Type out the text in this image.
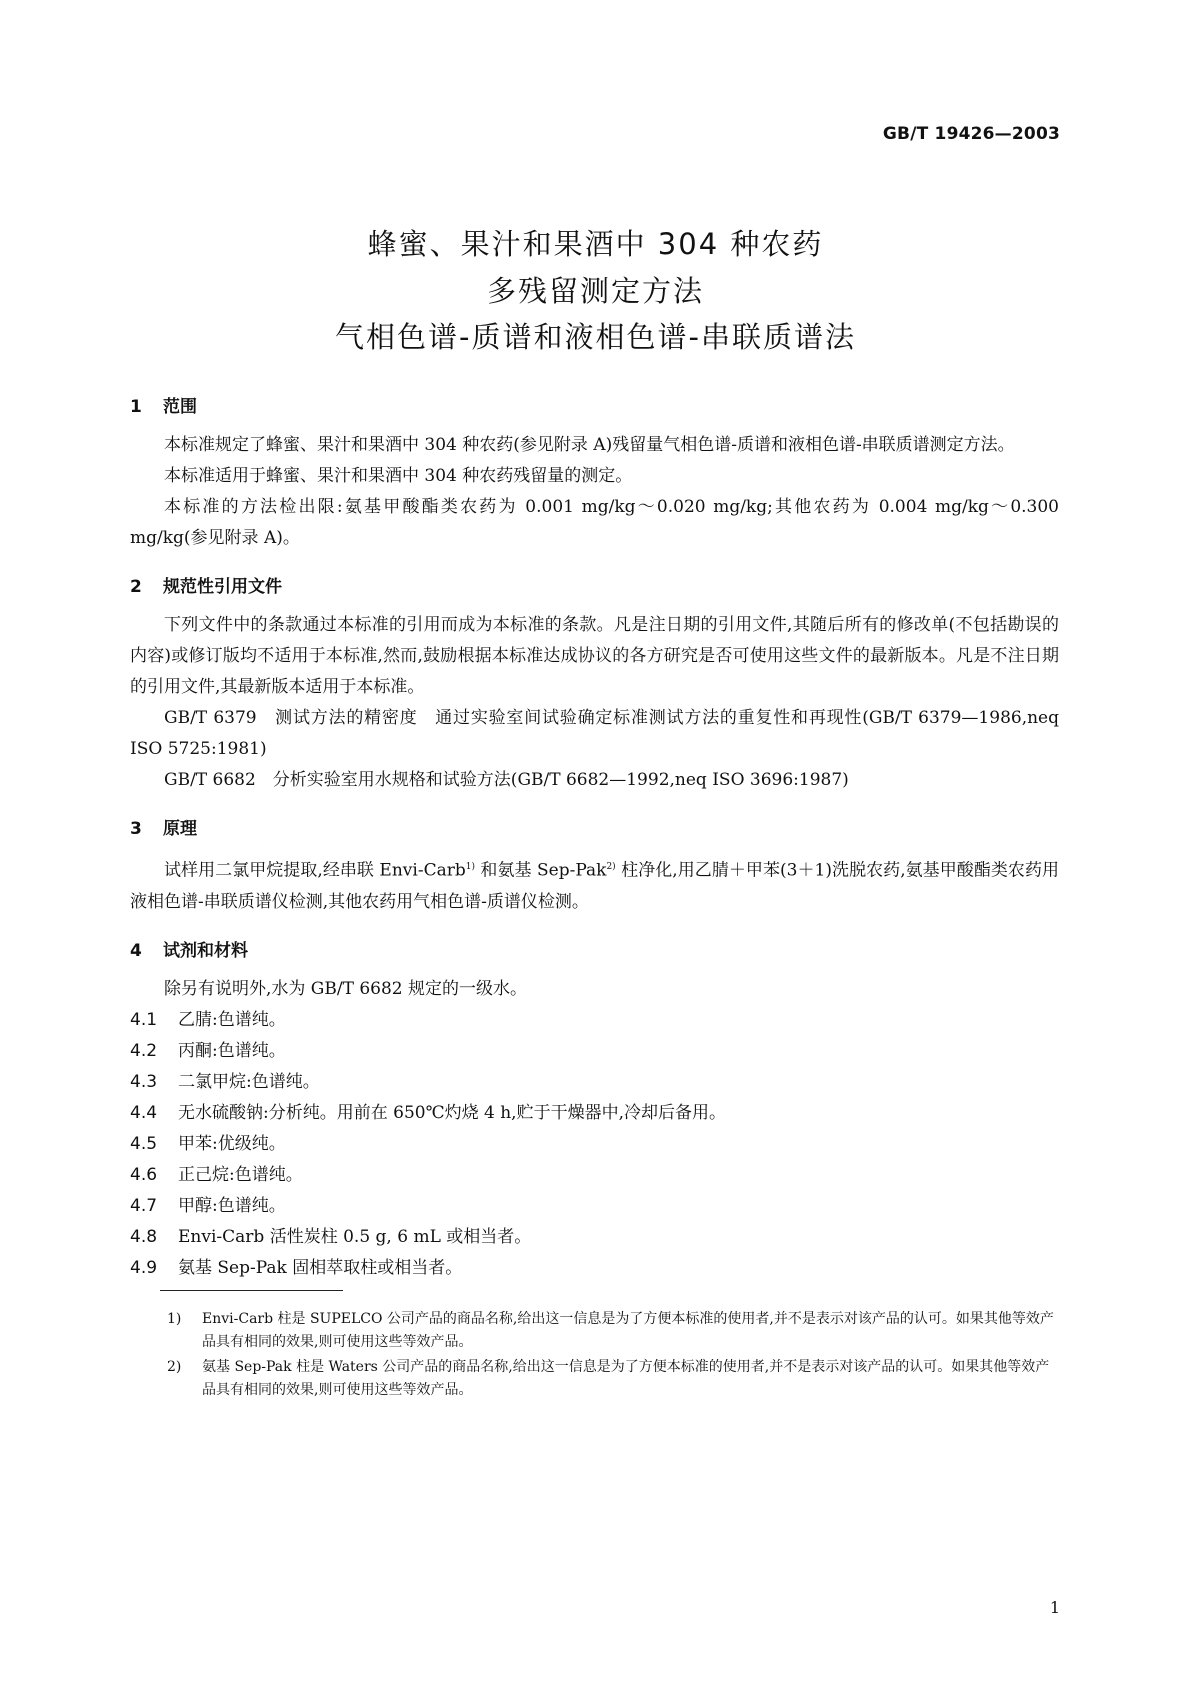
GB/T 19426—2003
蜂蜜、果汁和果酒中 304 种农药
多残留测定方法
气相色谱-质谱和液相色谱-串联质谱法
1 范围

本标准规定了蜂蜜、果汁和果酒中 304 种农药(参见附录 A)残留量气相色谱-质谱和液相色谱-串联质谱测定方法。

本标准适用于蜂蜜、果汁和果酒中 304 种农药残留量的测定。

本标准的方法检出限:氨基甲酸酯类农药为 0.001 mg/kg～0.020 mg/kg;其他农药为 0.004 mg/kg～0.300 mg/kg(参见附录 A)。

2 规范性引用文件

下列文件中的条款通过本标准的引用而成为本标准的条款。凡是注日期的引用文件,其随后所有的修改单(不包括勘误的内容)或修订版均不适用于本标准,然而,鼓励根据本标准达成协议的各方研究是否可使用这些文件的最新版本。凡是不注日期的引用文件,其最新版本适用于本标准。

GB/T 6379　测试方法的精密度　通过实验室间试验确定标准测试方法的重复性和再现性(GB/T 6379—1986,neq ISO 5725:1981)

GB/T 6682　分析实验室用水规格和试验方法(GB/T 6682—1992,neq ISO 3696:1987)

3 原理

试样用二氯甲烷提取,经串联 Envi-Carb$^{1)}$ 和氨基 Sep-Pak$^{2)}$ 柱净化,用乙腈＋甲苯(3＋1)洗脱农药,氨基甲酸酯类农药用液相色谱-串联质谱仪检测,其他农药用气相色谱-质谱仪检测。

4 试剂和材料

除另有说明外,水为 GB/T 6682 规定的一级水。

4.1 乙腈:色谱纯。

4.2 丙酮:色谱纯。

4.3 二氯甲烷:色谱纯。

4.4 无水硫酸钠:分析纯。用前在 650℃灼烧 4 h,贮于干燥器中,冷却后备用。

4.5 甲苯:优级纯。

4.6 正己烷:色谱纯。

4.7 甲醇:色谱纯。

4.8 Envi-Carb 活性炭柱 0.5 g, 6 mL 或相当者。

4.9 氨基 Sep-Pak 固相萃取柱或相当者。

1) Envi-Carb 柱是 SUPELCO 公司产品的商品名称,给出这一信息是为了方便本标准的使用者,并不是表示对该产品的认可。如果其他等效产品具有相同的效果,则可使用这些等效产品。
2) 氨基 Sep-Pak 柱是 Waters 公司产品的商品名称,给出这一信息是为了方便本标准的使用者,并不是表示对该产品的认可。如果其他等效产品具有相同的效果,则可使用这些等效产品。
1
